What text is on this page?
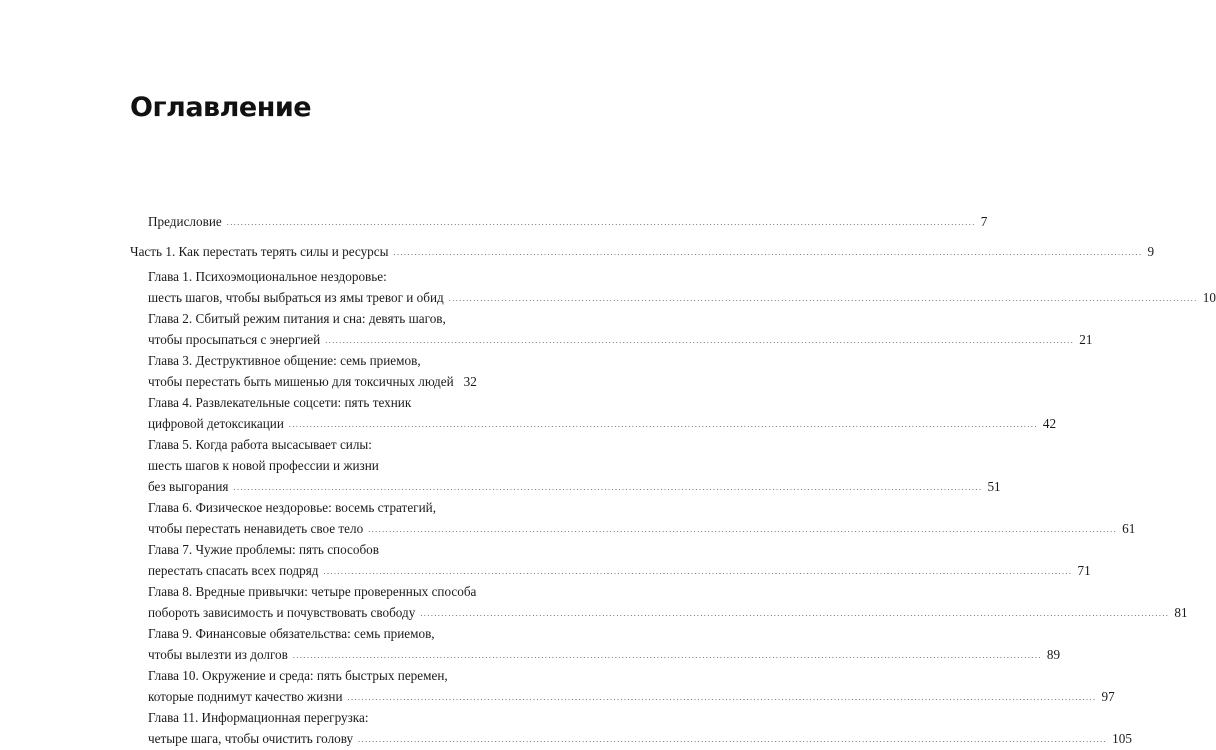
Оглавление
Предисловие ...................................................................................................................................................................................................................... 7
Часть 1. Как перестать терять силы и ресурсы ...................................................................................................................................................................................................................... 9
Глава 1. Психоэмоциональное нездоровье:
шесть шагов, чтобы выбраться из ямы тревог и обид ...................................................................................................................................................................................................................... 10
Глава 2. Сбитый режим питания и сна: девять шагов,
чтобы просыпаться с энергией ...................................................................................................................................................................................................................... 21
Глава 3. Деструктивное общение: семь приемов,
чтобы перестать быть мишенью для токсичных людей 32
Глава 4. Развлекательные соцсети: пять техник
цифровой детоксикации ...................................................................................................................................................................................................................... 42
Глава 5. Когда работа высасывает силы:
шесть шагов к новой профессии и жизни
без выгорания ...................................................................................................................................................................................................................... 51
Глава 6. Физическое нездоровье: восемь стратегий,
чтобы перестать ненавидеть свое тело ...................................................................................................................................................................................................................... 61
Глава 7. Чужие проблемы: пять способов
перестать спасать всех подряд ...................................................................................................................................................................................................................... 71
Глава 8. Вредные привычки: четыре проверенных способа
побороть зависимость и почувствовать свободу ...................................................................................................................................................................................................................... 81
Глава 9. Финансовые обязательства: семь приемов,
чтобы вылезти из долгов ...................................................................................................................................................................................................................... 89
Глава 10. Окружение и среда: пять быстрых перемен,
которые поднимут качество жизни ...................................................................................................................................................................................................................... 97
Глава 11. Информационная перегрузка:
четыре шага, чтобы очистить голову ...................................................................................................................................................................................................................... 105
